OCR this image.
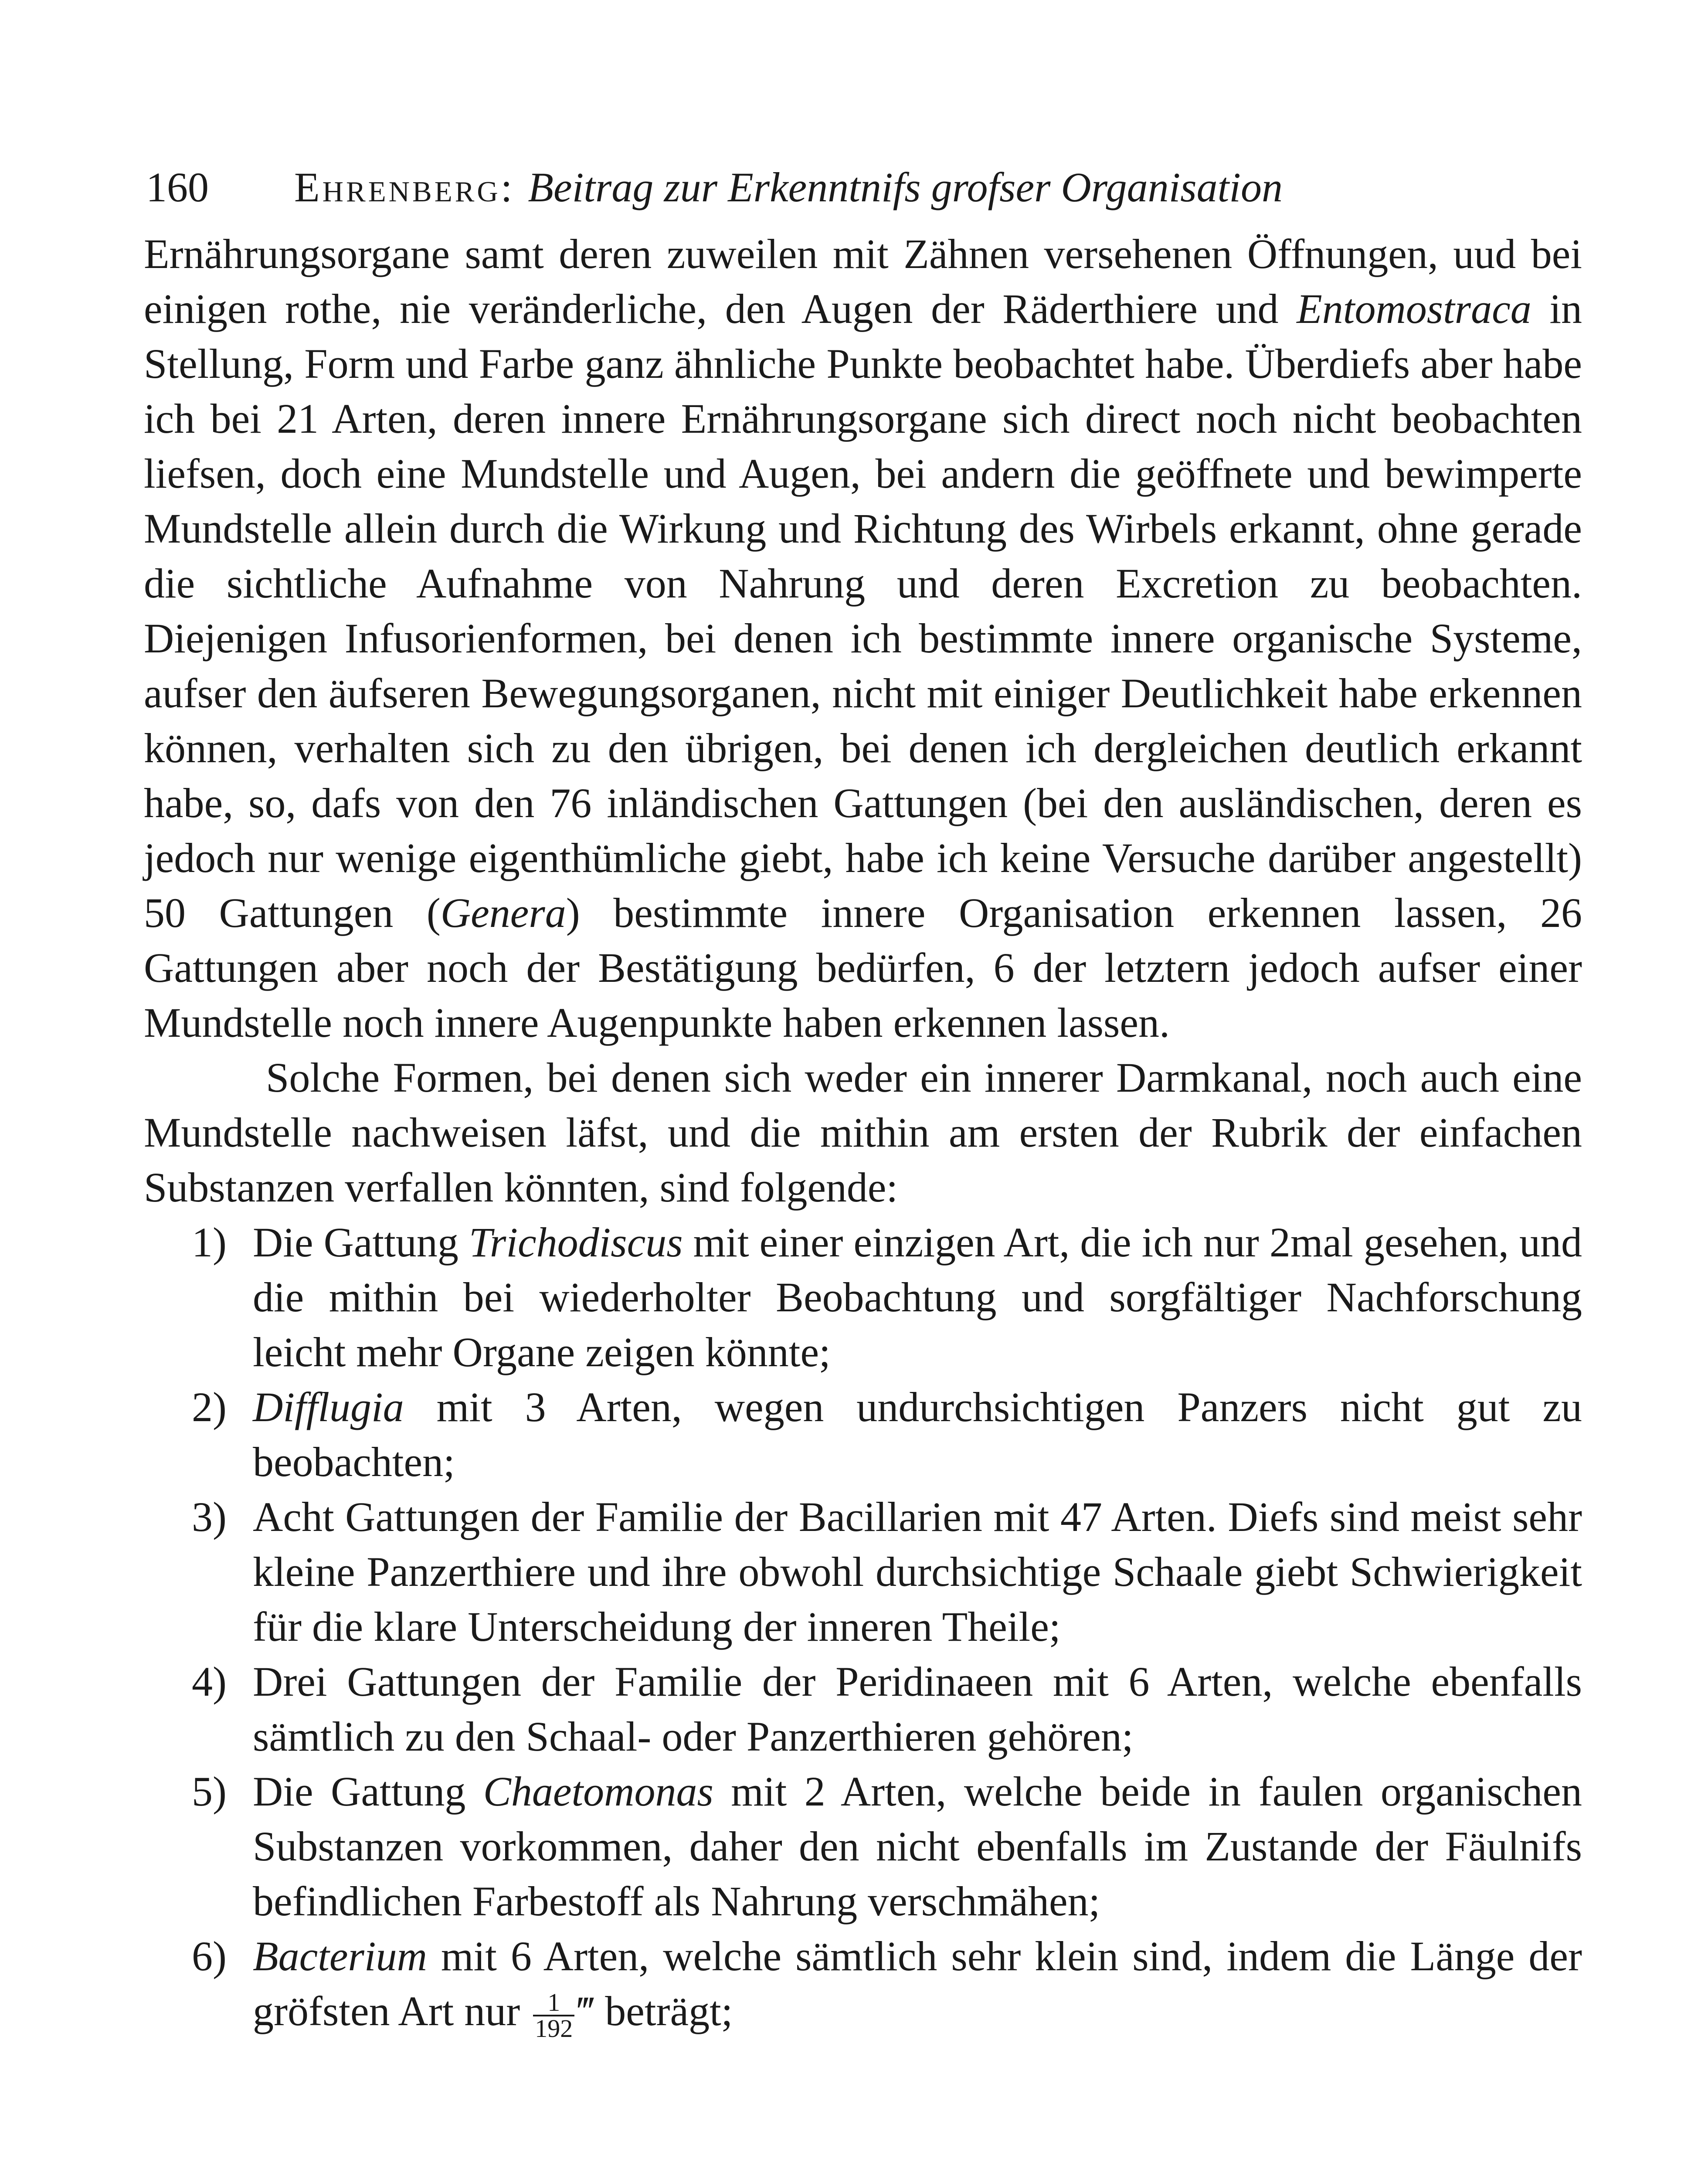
160 Ehrenberg: Beitrag zur Erkenntnifs grofser Organisation

Ernährungsorgane samt deren zuweilen mit Zähnen versehenen Öffnungen, uud bei einigen rothe, nie veränderliche, den Augen der Räderthiere und Entomostraca in Stellung, Form und Farbe ganz ähnliche Punkte beobachtet habe. Überdiefs aber habe ich bei 21 Arten, deren innere Ernährungsorgane sich direct noch nicht beobachten liefsen, doch eine Mundstelle und Augen, bei andern die geöffnete und bewimperte Mundstelle allein durch die Wirkung und Richtung des Wirbels erkannt, ohne gerade die sichtliche Aufnahme von Nahrung und deren Excretion zu beobachten. Diejenigen Infusorienformen, bei denen ich bestimmte innere organische Systeme, aufser den äufseren Bewegungsorganen, nicht mit einiger Deutlichkeit habe erkennen können, verhalten sich zu den übrigen, bei denen ich dergleichen deutlich erkannt habe, so, dafs von den 76 inländischen Gattungen (bei den ausländischen, deren es jedoch nur wenige eigenthümliche giebt, habe ich keine Versuche darüber angestellt) 50 Gattungen (Genera) bestimmte innere Organisation erkennen lassen, 26 Gattungen aber noch der Bestätigung bedürfen, 6 der letztern jedoch aufser einer Mundstelle noch innere Augenpunkte haben erkennen lassen.

Solche Formen, bei denen sich weder ein innerer Darmkanal, noch auch eine Mundstelle nachweisen läfst, und die mithin am ersten der Rubrik der einfachen Substanzen verfallen könnten, sind folgende:

1) Die Gattung Trichodiscus mit einer einzigen Art, die ich nur 2mal gesehen, und die mithin bei wiederholter Beobachtung und sorgfältiger Nachforschung leicht mehr Organe zeigen könnte;
2) Difflugia mit 3 Arten, wegen undurchsichtigen Panzers nicht gut zu beobachten;
3) Acht Gattungen der Familie der Bacillarien mit 47 Arten. Diefs sind meist sehr kleine Panzerthiere und ihre obwohl durchsichtige Schaale giebt Schwierigkeit für die klare Unterscheidung der inneren Theile;
4) Drei Gattungen der Familie der Peridinaeen mit 6 Arten, welche ebenfalls sämtlich zu den Schaal- oder Panzerthieren gehören;
5) Die Gattung Chaetomonas mit 2 Arten, welche beide in faulen organischen Substanzen vorkommen, daher den nicht ebenfalls im Zustande der Fäulnifs befindlichen Farbestoff als Nahrung verschmähen;
6) Bacterium mit 6 Arten, welche sämtlich sehr klein sind, indem die Länge der gröfsten Art nur $\frac{1}{192}$ ‴ beträgt;
